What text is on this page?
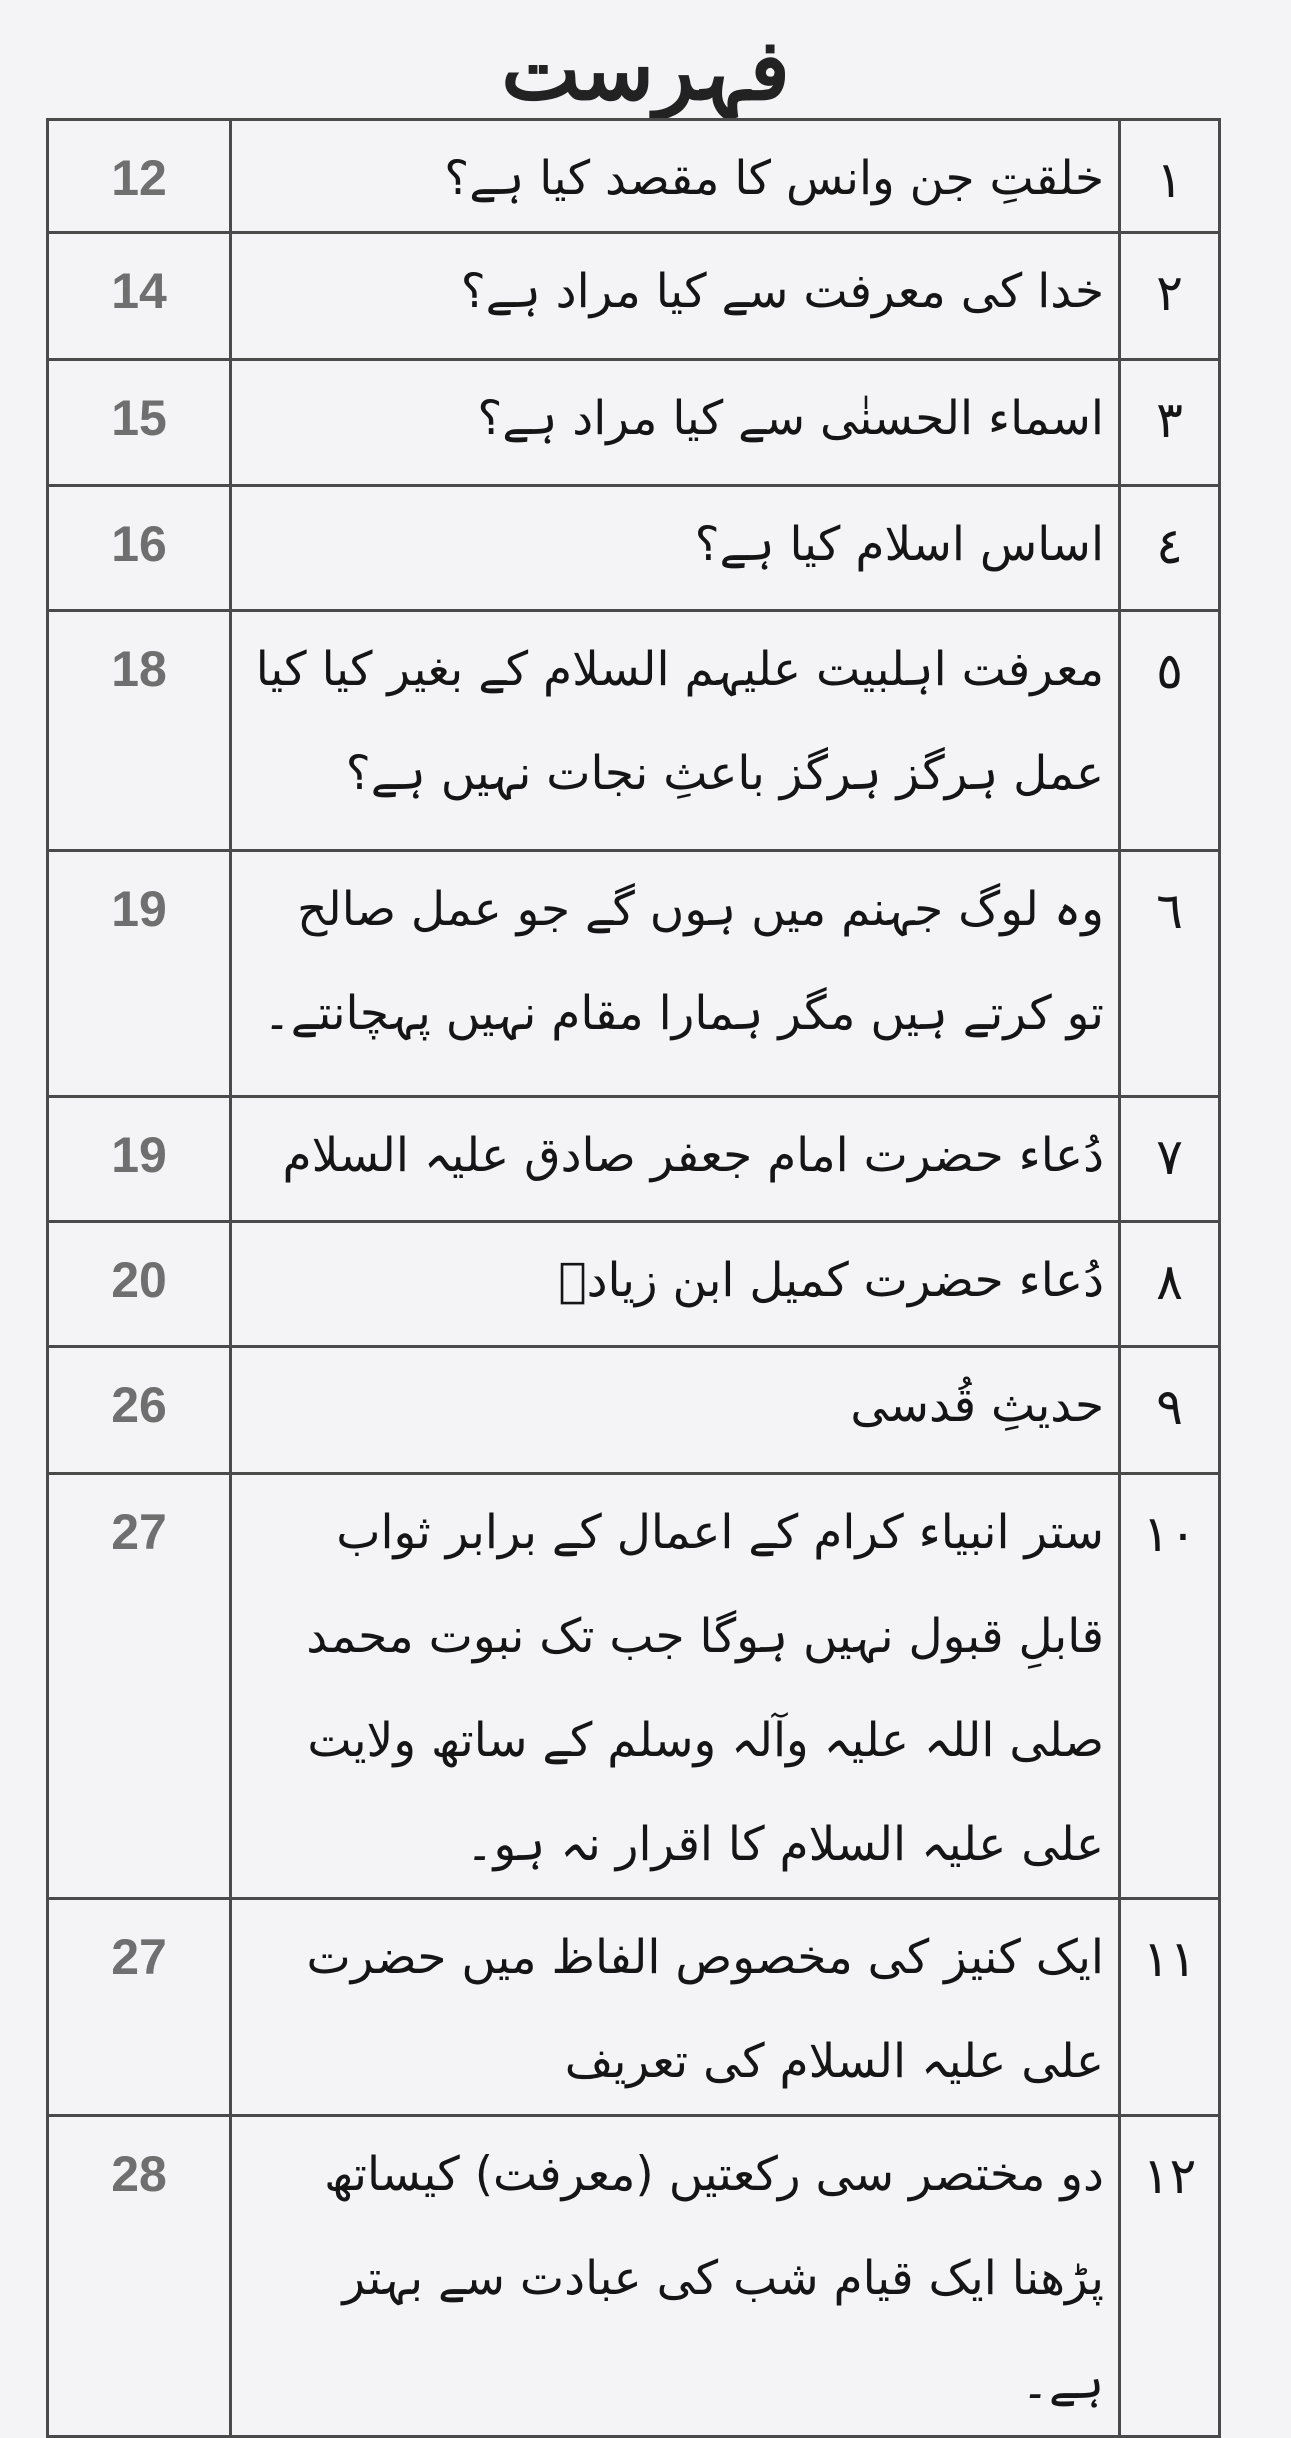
فہرست
12	خلقتِ جن وانس کا مقصد کیا ہے؟	١
14	خدا کی معرفت سے کیا مراد ہے؟	٢
15	اسماء الحسنٰی سے کیا مراد ہے؟	٣
16	اساس اسلام کیا ہے؟	٤
18	معرفت اہلبیت علیہم السلام کے بغیر کیا کیا عمل ہرگز ہرگز باعثِ نجات نہیں ہے؟	٥
19	وہ لوگ جہنم میں ہوں گے جو عمل صالح تو کرتے ہیں مگر ہمارا مقام نہیں پہچانتے۔	٦
19	دُعاء حضرت امام جعفر صادق علیہ السلام	٧
20	دُعاء حضرت کمیل ابن زیادؒ	٨
26	حدیثِ قُدسی	٩
27	ستر انبیاء کرام کے اعمال کے برابر ثواب قابلِ قبول نہیں ہوگا جب تک نبوت محمد صلی اللہ علیہ وآلہ وسلم کے ساتھ ولایت علی علیہ السلام کا اقرار نہ ہو۔	١٠
27	ایک کنیز کی مخصوص الفاظ میں حضرت علی علیہ السلام کی تعریف	١١
28	دو مختصر سی رکعتیں (معرفت) کیساتھ پڑھنا ایک قیام شب کی عبادت سے بہتر ہے۔	١٢
